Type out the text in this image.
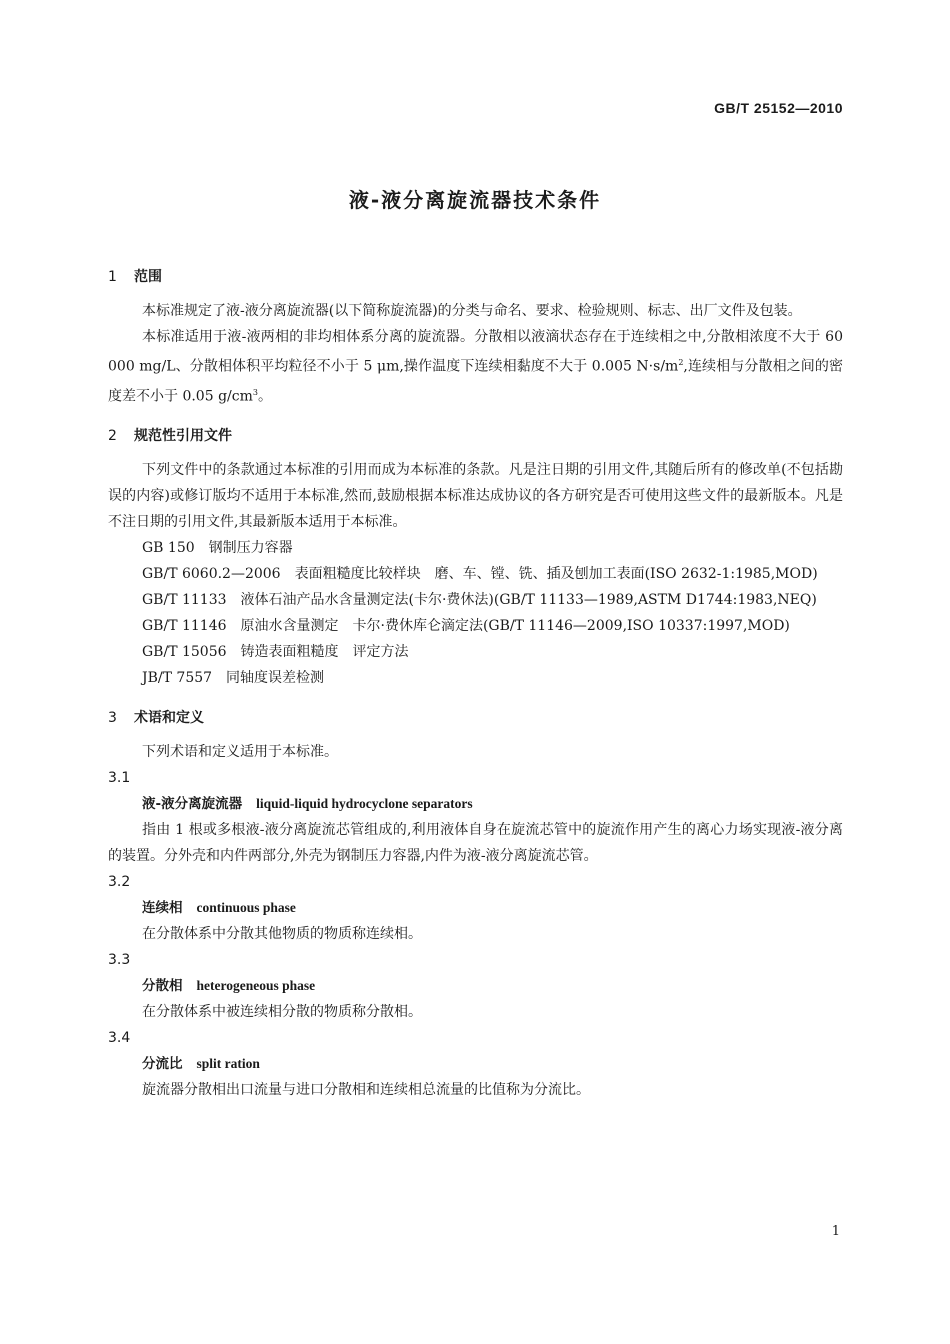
GB/T 25152—2010
液-液分离旋流器技术条件

1 范围

本标准规定了液-液分离旋流器(以下简称旋流器)的分类与命名、要求、检验规则、标志、出厂文件及包装。

本标准适用于液-液两相的非均相体系分离的旋流器。分散相以液滴状态存在于连续相之中,分散相浓度不大于 60 000 mg/L、分散相体积平均粒径不小于 5 μm,操作温度下连续相黏度不大于 0.005 $N\cdot s/m^2$,连续相与分散相之间的密度差不小于 0.05 $g/cm^3$。

2 规范性引用文件

下列文件中的条款通过本标准的引用而成为本标准的条款。凡是注日期的引用文件,其随后所有的修改单(不包括勘误的内容)或修订版均不适用于本标准,然而,鼓励根据本标准达成协议的各方研究是否可使用这些文件的最新版本。凡是不注日期的引用文件,其最新版本适用于本标准。

GB 150　钢制压力容器

GB/T 6060.2—2006　表面粗糙度比较样块　磨、车、镗、铣、插及刨加工表面(ISO 2632-1:1985,MOD)

GB/T 11133　液体石油产品水含量测定法(卡尔·费休法)(GB/T 11133—1989,ASTM D1744:1983,NEQ)

GB/T 11146　原油水含量测定　卡尔·费休库仑滴定法(GB/T 11146—2009,ISO 10337:1997,MOD)

GB/T 15056　铸造表面粗糙度　评定方法

JB/T 7557　同轴度误差检测

3 术语和定义

下列术语和定义适用于本标准。

3.1

液-液分离旋流器 liquid-liquid hydrocyclone separators

指由 1 根或多根液-液分离旋流芯管组成的,利用液体自身在旋流芯管中的旋流作用产生的离心力场实现液-液分离的装置。分外壳和内件两部分,外壳为钢制压力容器,内件为液-液分离旋流芯管。

3.2

连续相 continuous phase

在分散体系中分散其他物质的物质称连续相。

3.3

分散相 heterogeneous phase

在分散体系中被连续相分散的物质称分散相。

3.4

分流比 split ration

旋流器分散相出口流量与进口分散相和连续相总流量的比值称为分流比。

1
